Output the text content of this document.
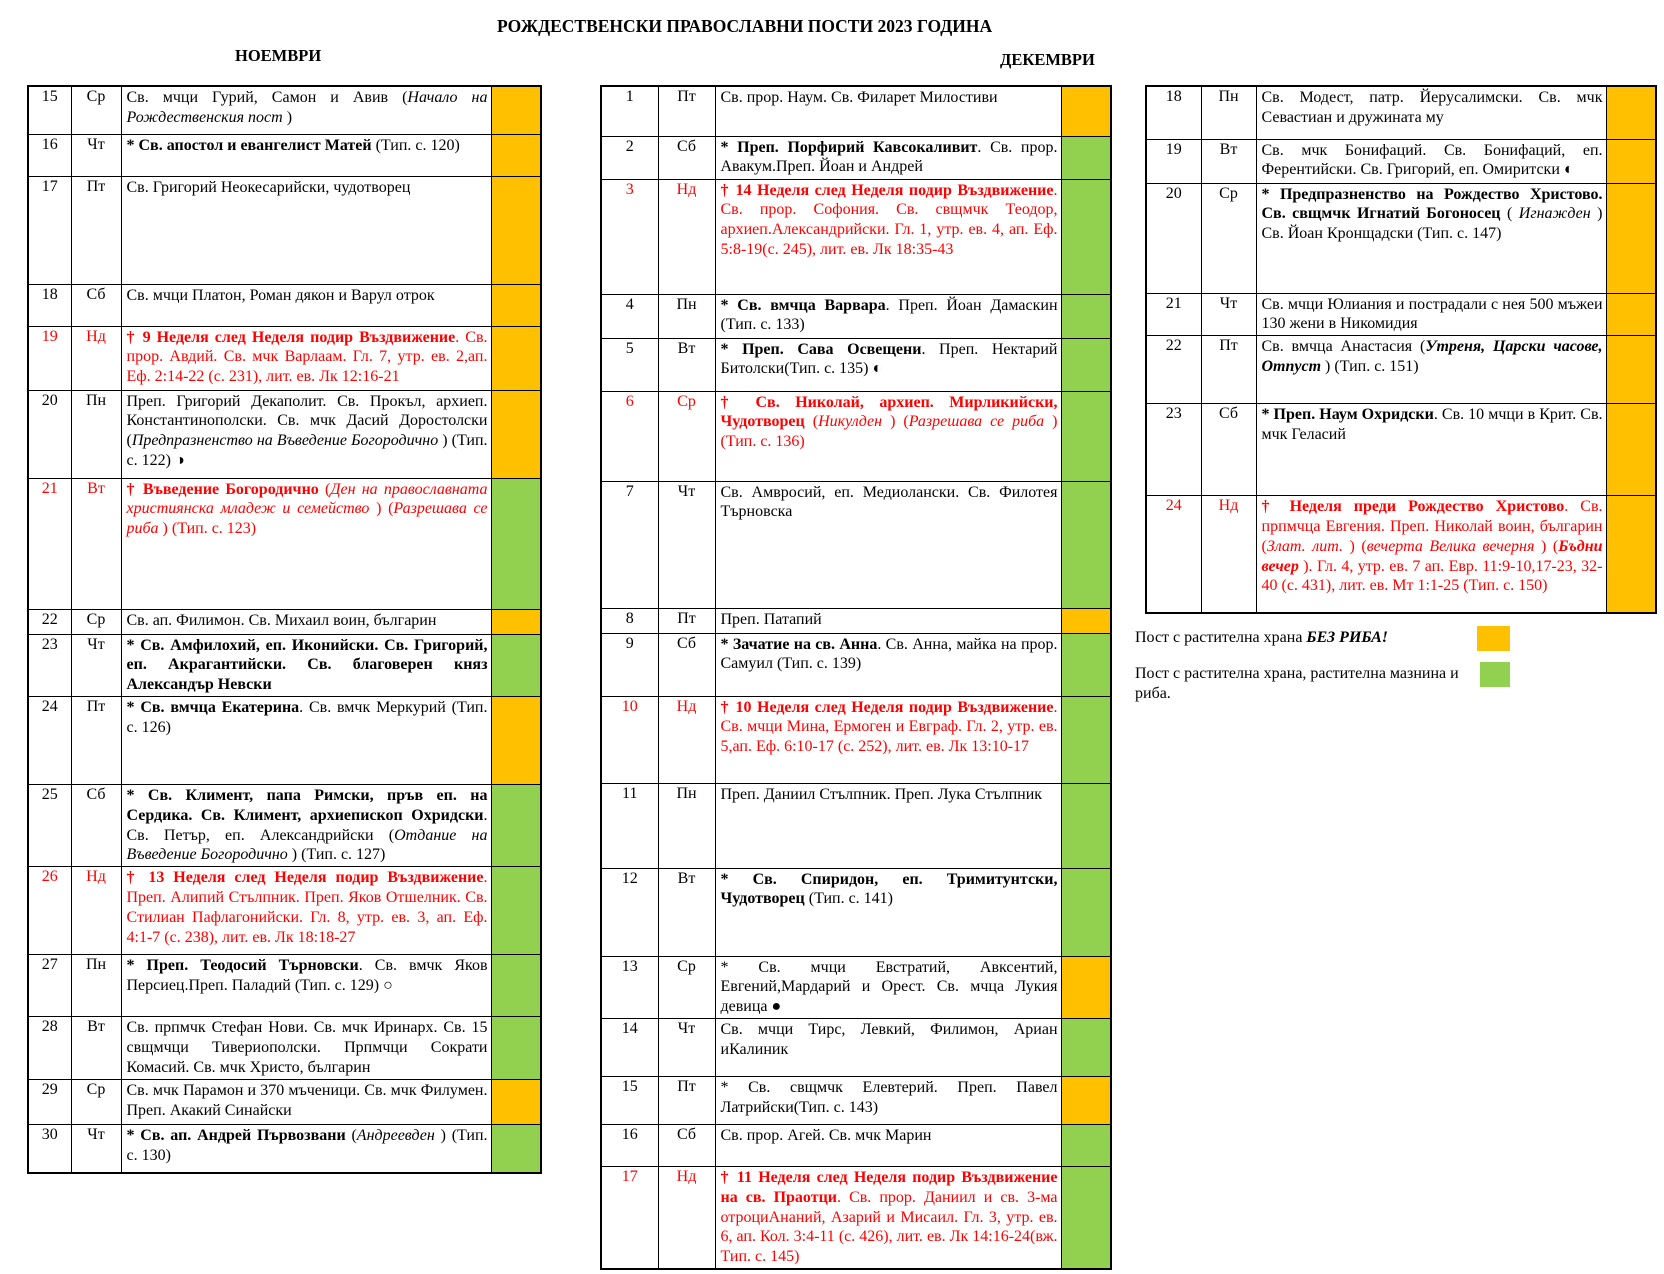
РОЖДЕСТВЕНСКИ ПРАВОСЛАВНИ ПОСТИ 2023 ГОДИНА
НОЕМВРИ	ДЕКЕМВРИ
15	Ср	Св. мчци Гурий, Самон и Авив (Начало на Рождественския пост )	
16	Чт	* Св. апостол и евангелист Матей (Тип. с. 120)	
17	Пт	Св. Григорий Неокесарийски, чудотворец	
18	Сб	Св. мчци Платон, Роман дякон и Варул отрок	
19	Нд	† 9 Неделя след Неделя подир Въздвижение. Св. прор. Авдий. Св. мчк Варлаам. Гл. 7, утр. ев. 2,ап. Еф. 2:14-22 (с. 231), лит. ев. Лк 12:16-21	
20	Пн	Преп. Григорий Декаполит. Св. Прокъл, архиеп. Константинополски. Св. мчк Дасий Доростолски (Предпразненство на Въведение Богородично ) (Тип. с. 122) ◑	
21	Вт	† Въведение Богородично (Ден на православната християнска младеж и семейство ) (Разрешава се риба ) (Тип. с. 123)	
22	Ср	Св. ап. Филимон. Св. Михаил воин, българин	
23	Чт	* Св. Амфилохий, еп. Иконийски. Св. Григорий, еп. Акрагантийски. Св. благоверен княз Александър Невски	
24	Пт	* Св. вмчца Екатерина. Св. вмчк Меркурий (Тип. с. 126)	
25	Сб	* Св. Климент, папа Римски, пръв еп. на Сердика. Св. Климент, архиепископ Охридски. Св. Петър, еп. Александрийски (Отдание на Въведение Богородично ) (Тип. с. 127)	
26	Нд	† 13 Неделя след Неделя подир Въздвижение. Преп. Алипий Стълпник. Преп. Яков Отшелник. Св. Стилиан Пафлагонийски. Гл. 8, утр. ев. 3, ап. Еф. 4:1-7 (с. 238), лит. ев. Лк 18:18-27	
27	Пн	* Преп. Теодосий Търновски. Св. вмчк Яков Персиец.Преп. Паладий (Тип. с. 129) ○	
28	Вт	Св. прпмчк Стефан Нови. Св. мчк Иринарх. Св. 15 свщмчци Тивериополски. Прпмчци Сократи Комасий. Св. мчк Христо, българин	
29	Ср	Св. мчк Парамон и 370 мъченици. Св. мчк Филумен. Преп. Акакий Синайски	
30	Чт	* Св. ап. Андрей Първозвани (Андреевден ) (Тип. с. 130)	
1	Пт	Св. прор. Наум. Св. Филарет Милостиви	
2	Сб	* Преп. Порфирий Кавсокаливит. Св. прор. Авакум.Преп. Йоан и Андрей	
3	Нд	† 14 Неделя след Неделя подир Въздвижение. Св. прор. Софония. Св. свщмчк Теодор, архиеп.Александрийски. Гл. 1, утр. ев. 4, ап. Еф. 5:8-19(с. 245), лит. ев. Лк 18:35-43	
4	Пн	* Св. вмчца Варвара. Преп. Йоан Дамаскин (Тип. с. 133)	
5	Вт	* Преп. Сава Освещени. Преп. Нектарий Битолски(Тип. с. 135) ◐	
6	Ср	† Св. Николай, архиеп. Мирликийски, Чудотворец (Никулден ) (Разрешава се риба ) (Тип. с. 136)	
7	Чт	Св. Амвросий, еп. Медиолански. Св. Филотея Търновска	
8	Пт	Преп. Патапий	
9	Сб	* Зачатие на св. Анна. Св. Анна, майка на прор. Самуил (Тип. с. 139)	
10	Нд	† 10 Неделя след Неделя подир Въздвижение. Св. мчци Мина, Ермоген и Евграф. Гл. 2, утр. ев. 5,ап. Еф. 6:10-17 (с. 252), лит. ев. Лк 13:10-17	
11	Пн	Преп. Даниил Стълпник. Преп. Лука Стълпник	
12	Вт	* Св. Спиридон, еп. Тримитунтски, Чудотворец (Тип. с. 141)	
13	Ср	* Св. мчци Евстратий, Авксентий, Евгений,Мардарий и Орест. Св. мчца Лукия девица ●	
14	Чт	Св. мчци Тирс, Левкий, Филимон, Ариан иКалиник	
15	Пт	* Св. свщмчк Елевтерий. Преп. Павел Латрийски(Тип. с. 143)	
16	Сб	Св. прор. Агей. Св. мчк Марин	
17	Нд	† 11 Неделя след Неделя подир Въздвижение на св. Праотци. Св. прор. Даниил и св. 3-ма отроциАнаний, Азарий и Мисаил. Гл. 3, утр. ев. 6, ап. Кол. 3:4-11 (с. 426), лит. ев. Лк 14:16-24(вж. Тип. с. 145)	
18	Пн	Св. Модест, патр. Йерусалимски. Св. мчк Севастиан и дружината му	
19	Вт	Св. мчк Бонифаций. Св. Бонифаций, еп. Ферентийски. Св. Григорий, еп. Омиритски ◐	
20	Ср	* Предпразненство на Рождество Христово. Св. свщмчк Игнатий Богоносец ( Игнажден ) Св. Йоан Кронщадски (Тип. с. 147)	
21	Чт	Св. мчци Юлиания и пострадали с нея 500 мъжеи 130 жени в Никомидия	
22	Пт	Св. вмчца Анастасия (Утреня, Царски часове, Отпуст ) (Тип. с. 151)	
23	Сб	* Преп. Наум Охридски. Св. 10 мчци в Крит. Св. мчк Геласий	
24	Нд	† Неделя преди Рождество Христово. Св. прпмчца Евгения. Преп. Николай воин, българин (Злат. лит. ) (вечерта Велика вечерня ) (Бъдни вечер ). Гл. 4, утр. ев. 7 ап. Евр. 11:9-10,17-23, 32-40 (с. 431), лит. ев. Мт 1:1-25 (Тип. с. 150)	
Пост с растителна храна БЕЗ РИБА!
Пост с растителна храна, растителна мазнина и риба.
